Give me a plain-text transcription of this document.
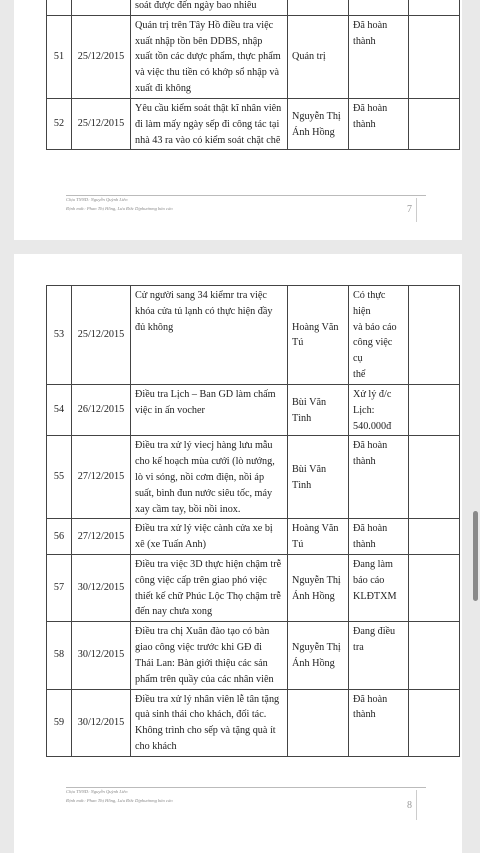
		soát được đến ngày bao nhiêu			

51	25/12/2015	Quản trị trên Tây Hồ điều tra việc
xuất nhập tồn bên DDBS, nhập
xuất tồn các dược phẩm, thực phẩm
và việc thu tiền có khớp sổ nhập và
xuất đi không	Quản trị	Đã hoàn
thành	

52	25/12/2015	Yêu cầu kiểm soát thật kĩ nhân viên
đi làm mấy ngày sếp đi công tác tại
nhà 43 ra vào có kiểm soát chặt chẽ	Nguyễn Thị
Ánh Hồng	Đã hoàn
thành	

Chịu TNND: Nguyễn Quỳnh Liên
Định mức: Phan Thị Hồng, Lưu Đức Dịphuơnmg báo cáo	7
53	25/12/2015	Cử người sang 34 kiểmr tra việc
khóa cửa tủ lạnh có thực hiện đầy
đủ không	Hoàng Văn
Tú	Có thực hiện
và báo cáo
công việc cụ
thể	

54	26/12/2015	Điều tra Lịch – Ban GD làm chấm
việc in ấn vocher	Bùi Văn
Tình	Xử lý đ/c
Lịch:
540.000đ	

55	27/12/2015	Điều tra xử lý viecj hàng lưu mẫu
cho kế hoạch mùa cưới (lò nướng,
lò vi sóng, nồi cơm điện, nồi áp
suất, bình đun nước siêu tốc, máy
xay cầm tay, bồi nồi inox.	Bùi Văn
Tình	Đã hoàn
thành	

56	27/12/2015	Điều tra xử lý việc cành cửa xe bị
xê (xe Tuấn Anh)	Hoàng Văn
Tú	Đã hoàn
thành	

57	30/12/2015	Điều tra việc 3D thực hiện chậm trễ
công việc cấp trên giao phó việc
thiết kế chữ Phúc Lộc Thọ chậm trễ
đến nay chưa xong	Nguyễn Thị
Ánh Hồng	Đang làm
báo cáo
KLĐTXM	

58	30/12/2015	Điều tra chị Xuân đào tạo có bàn
giao công việc trước khi GĐ đi
Thái Lan: Bàn giới thiệu các sản
phẩm trên quầy của các nhân viên	Nguyễn Thị
Ánh Hồng	Đang điều
tra	

59	30/12/2015	Điều tra xử lý nhân viên lễ tân tặng
quà sinh thái cho khách, đối tác.
Không trình cho sếp và tặng quà ít
cho khách		Đã hoàn
thành	

Chịu TNND: Nguyễn Quỳnh Liên
Định mức: Phan Thị Hồng, Lưu Đức Dịphuơnmg báo cáo	8
